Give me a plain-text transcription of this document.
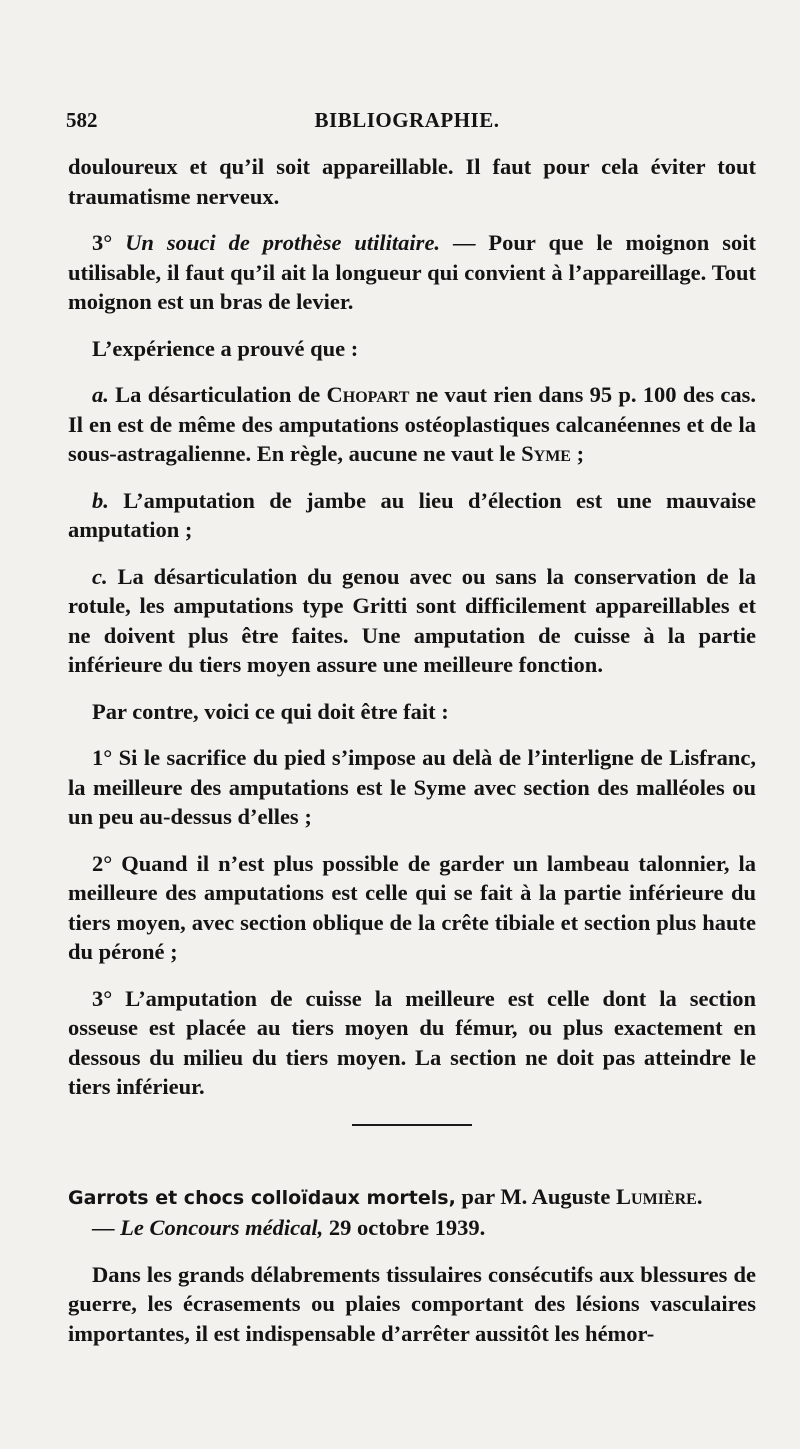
582	BIBLIOGRAPHIE.

douloureux et qu’il soit appareillable. Il faut pour cela éviter tout traumatisme nerveux.

3° Un souci de prothèse utilitaire. — Pour que le moignon soit utilisable, il faut qu’il ait la longueur qui convient à l’appareillage. Tout moignon est un bras de levier.

L’expérience a prouvé que :

a. La désarticulation de Chopart ne vaut rien dans 95 p. 100 des cas. Il en est de même des amputations ostéoplastiques calcanéennes et de la sous-astragalienne. En règle, aucune ne vaut le Syme ;

b. L’amputation de jambe au lieu d’élection est une mauvaise amputation ;

c. La désarticulation du genou avec ou sans la conservation de la rotule, les amputations type Gritti sont difficilement appareillables et ne doivent plus être faites. Une amputation de cuisse à la partie inférieure du tiers moyen assure une meilleure fonction.

Par contre, voici ce qui doit être fait :

1° Si le sacrifice du pied s’impose au delà de l’interligne de Lisfranc, la meilleure des amputations est le Syme avec section des malléoles ou un peu au-dessus d’elles ;

2° Quand il n’est plus possible de garder un lambeau talonnier, la meilleure des amputations est celle qui se fait à la partie inférieure du tiers moyen, avec section oblique de la crête tibiale et section plus haute du péroné ;

3° L’amputation de cuisse la meilleure est celle dont la section osseuse est placée au tiers moyen du fémur, ou plus exactement en dessous du milieu du tiers moyen. La section ne doit pas atteindre le tiers inférieur.

Garrots et chocs colloïdaux mortels, par M. Auguste Lumière.
— Le Concours médical, 29 octobre 1939.

Dans les grands délabrements tissulaires consécutifs aux blessures de guerre, les écrasements ou plaies comportant des lésions vasculaires importantes, il est indispensable d’arrêter aussitôt les hémor-
